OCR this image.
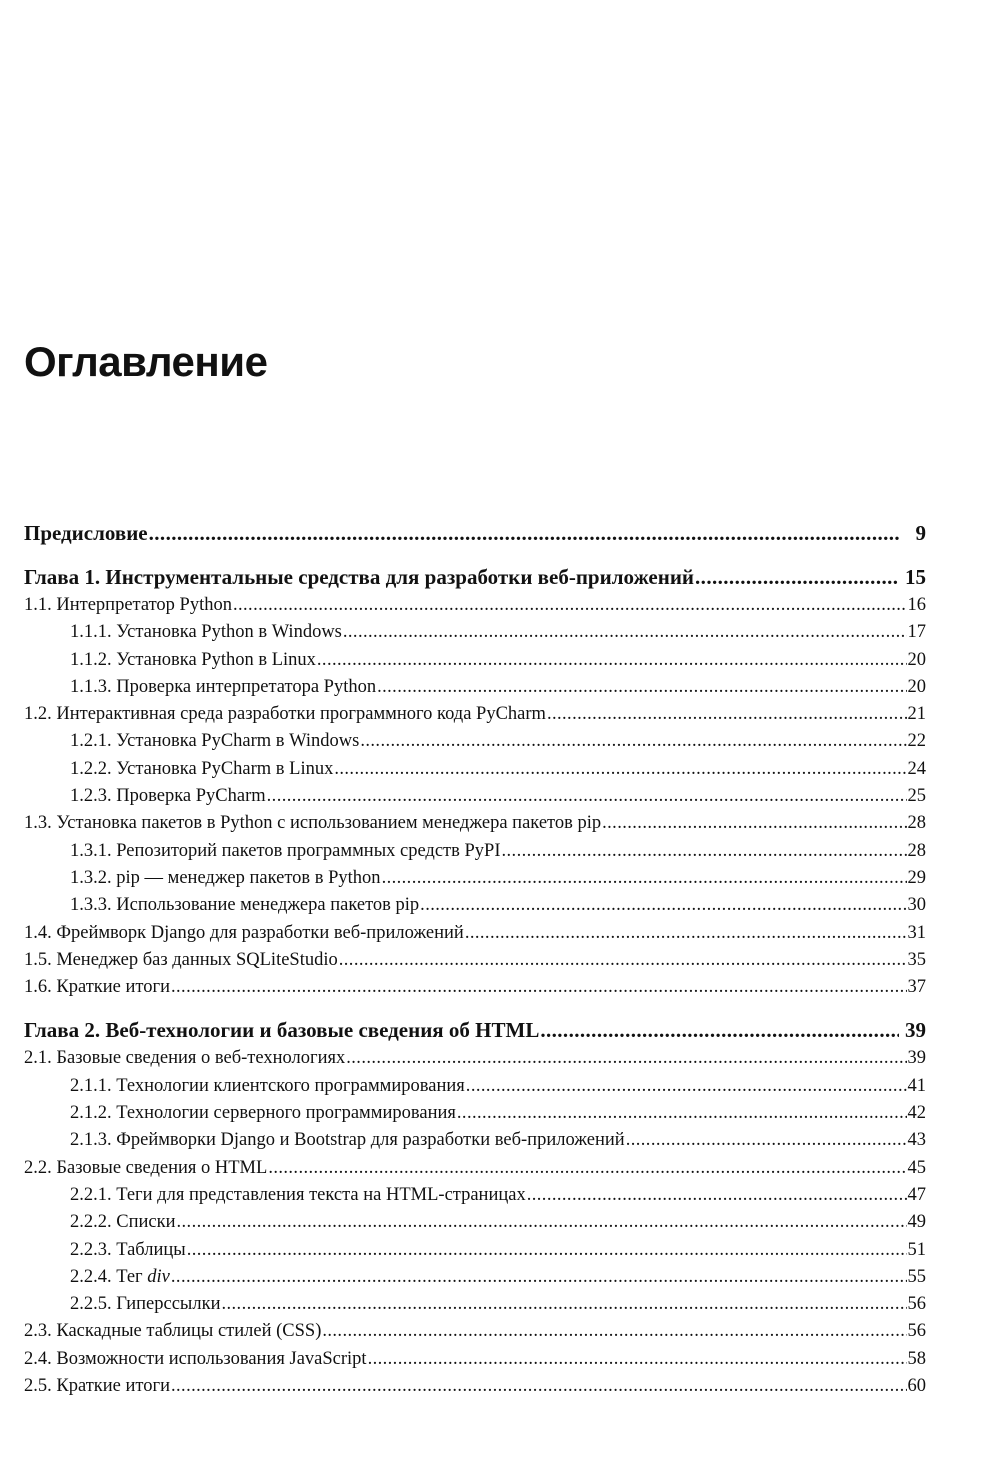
Оглавление
Предисловие .....	9
Глава 1. Инструментальные средства для разработки веб-приложений .....	15
1.1. Интерпретатор Python .....	16
1.1.1. Установка Python в Windows .....	17
1.1.2. Установка Python в Linux .....	20
1.1.3. Проверка интерпретатора Python .....	20
1.2. Интерактивная среда разработки программного кода PyCharm .....	21
1.2.1. Установка PyCharm в Windows .....	22
1.2.2. Установка PyCharm в Linux .....	24
1.2.3. Проверка PyCharm .....	25
1.3. Установка пакетов в Python с использованием менеджера пакетов pip .....	28
1.3.1. Репозиторий пакетов программных средств PyPI .....	28
1.3.2. pip — менеджер пакетов в Python .....	29
1.3.3. Использование менеджера пакетов pip .....	30
1.4. Фреймворк Django для разработки веб-приложений .....	31
1.5. Менеджер баз данных SQLiteStudio .....	35
1.6. Краткие итоги .....	37
Глава 2. Веб-технологии и базовые сведения об HTML .....	39
2.1. Базовые сведения о веб-технологиях .....	39
2.1.1. Технологии клиентского программирования .....	41
2.1.2. Технологии серверного программирования .....	42
2.1.3. Фреймворки Django и Bootstrap для разработки веб-приложений .....	43
2.2. Базовые сведения о HTML .....	45
2.2.1. Теги для представления текста на HTML-страницах .....	47
2.2.2. Списки .....	49
2.2.3. Таблицы .....	51
2.2.4. Тег div .....	55
2.2.5. Гиперссылки .....	56
2.3. Каскадные таблицы стилей (CSS) .....	56
2.4. Возможности использования JavaScript .....	58
2.5. Краткие итоги .....	60
